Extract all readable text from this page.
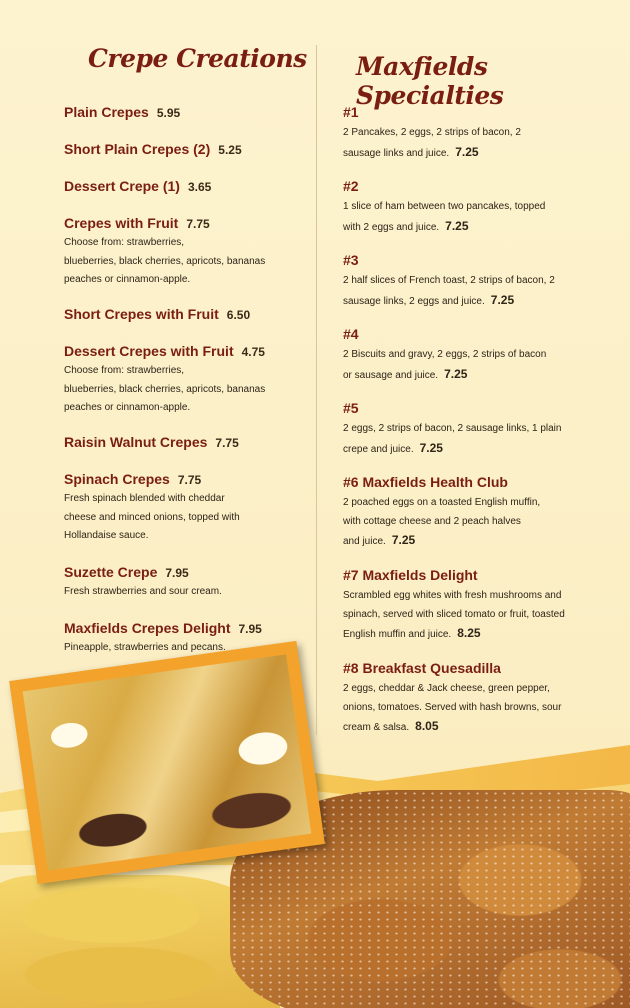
Crepe Creations Maxfields Specialties
Plain Crepes 5.95
Short Plain Crepes (2) 5.25
Dessert Crepe (1) 3.65
Crepes with Fruit 7.75
Choose from: strawberries,
blueberries, black cherries, apricots, bananas
peaches or cinnamon-apple.
Short Crepes with Fruit 6.50
Dessert Crepes with Fruit 4.75
Choose from: strawberries,
blueberries, black cherries, apricots, bananas
peaches or cinnamon-apple.
Raisin Walnut Crepes 7.75
Spinach Crepes 7.75
Fresh spinach blended with cheddar
cheese and minced onions, topped with
Hollandaise sauce.
Suzette Crepe 7.95
Fresh strawberries and sour cream.
Maxfields Crepes Delight 7.95
Pineapple, strawberries and pecans.
#1
2 Pancakes, 2 eggs, 2 strips of bacon, 2
sausage links and juice. 7.25
#2
1 slice of ham between two pancakes, topped
with 2 eggs and juice. 7.25
#3
2 half slices of French toast, 2 strips of bacon, 2
sausage links, 2 eggs and juice. 7.25
#4
2 Biscuits and gravy, 2 eggs, 2 strips of bacon
or sausage and juice. 7.25
#5
2 eggs, 2 strips of bacon, 2 sausage links, 1 plain
crepe and juice. 7.25
#6 Maxfields Health Club
2 poached eggs on a toasted English muffin,
with cottage cheese and 2 peach halves
and juice. 7.25
#7 Maxfields Delight
Scrambled egg whites with fresh mushrooms and
spinach, served with sliced tomato or fruit, toasted
English muffin and juice. 8.25
#8 Breakfast Quesadilla
2 eggs, cheddar & Jack cheese, green pepper,
onions, tomatoes. Served with hash browns, sour
cream & salsa. 8.05
